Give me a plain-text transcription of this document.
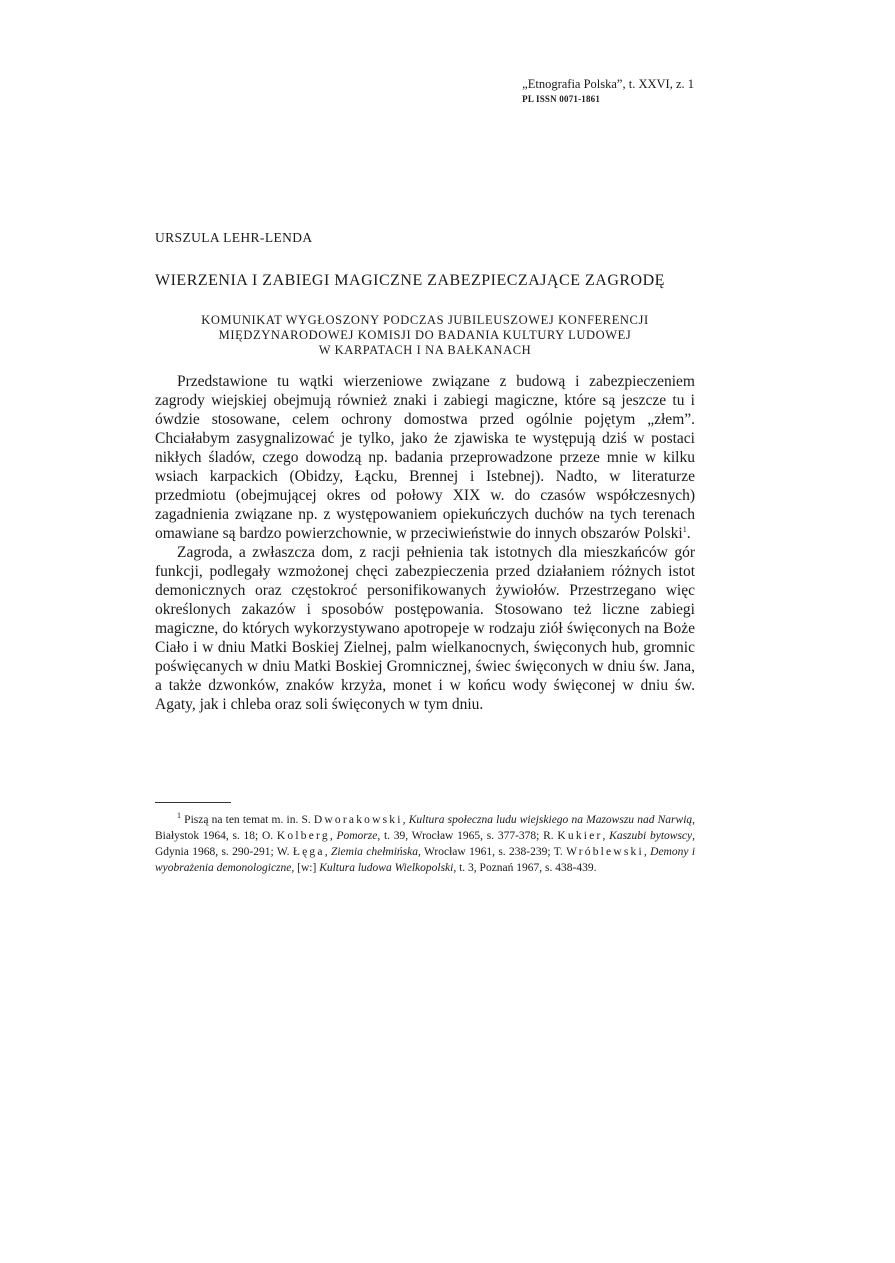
„Etnografia Polska”, t. XXVI, z. 1
PL ISSN 0071-1861
URSZULA LEHR-LENDA
WIERZENIA I ZABIEGI MAGICZNE ZABEZPIECZAJĄCE ZAGRODĘ
KOMUNIKAT WYGŁOSZONY PODCZAS JUBILEUSZOWEJ KONFERENCJI
MIĘDZYNARODOWEJ KOMISJI DO BADANIA KULTURY LUDOWEJ
W KARPATACH I NA BAŁKANACH

Przedstawione tu wątki wierzeniowe związane z budową i zabezpieczeniem zagrody wiejskiej obejmują również znaki i zabiegi magiczne, które są jeszcze tu i ówdzie stosowane, celem ochrony domostwa przed ogólnie pojętym „złem”. Chciałabym zasygnalizować je tylko, jako że zjawiska te występują dziś w postaci nikłych śladów, czego dowodzą np. badania przeprowadzone przeze mnie w kilku wsiach karpackich (Obidzy, Łącku, Brennej i Istebnej). Nadto, w literaturze przedmiotu (obejmującej okres od połowy XIX w. do czasów współczesnych) zagadnienia związane np. z występowaniem opiekuńczych duchów na tych terenach omawiane są bardzo powierzchownie, w przeciwieństwie do innych obszarów Polski$^1$.

Zagroda, a zwłaszcza dom, z racji pełnienia tak istotnych dla mieszkańców gór funkcji, podlegały wzmożonej chęci zabezpieczenia przed działaniem różnych istot demonicznych oraz częstokroć personifikowanych żywiołów. Przestrzegano więc określonych zakazów i sposobów postępowania. Stosowano też liczne zabiegi magiczne, do których wykorzystywano apotropeje w rodzaju ziół święconych na Boże Ciało i w dniu Matki Boskiej Zielnej, palm wielkanocnych, święconych hub, gromnic poświęcanych w dniu Matki Boskiej Gromnicznej, świec święconych w dniu św. Jana, a także dzwonków, znaków krzyża, monet i w końcu wody święconej w dniu św. Agaty, jak i chleba oraz soli święconych w tym dniu.

$^1$ Piszą na ten temat m. in. S. Dworakowski, Kultura społeczna ludu wiejskiego na Mazowszu nad Narwią, Białystok 1964, s. 18; O. Kolberg, Pomorze, t. 39, Wrocław 1965, s. 377-378; R. Kukier, Kaszubi bytowscy, Gdynia 1968, s. 290-291; W. Łęga, Ziemia chełmińska, Wrocław 1961, s. 238-239; T. Wróblewski, Demony i wyobrażenia demonologiczne, [w:] Kultura ludowa Wielkopolski, t. 3, Poznań 1967, s. 438-439.
